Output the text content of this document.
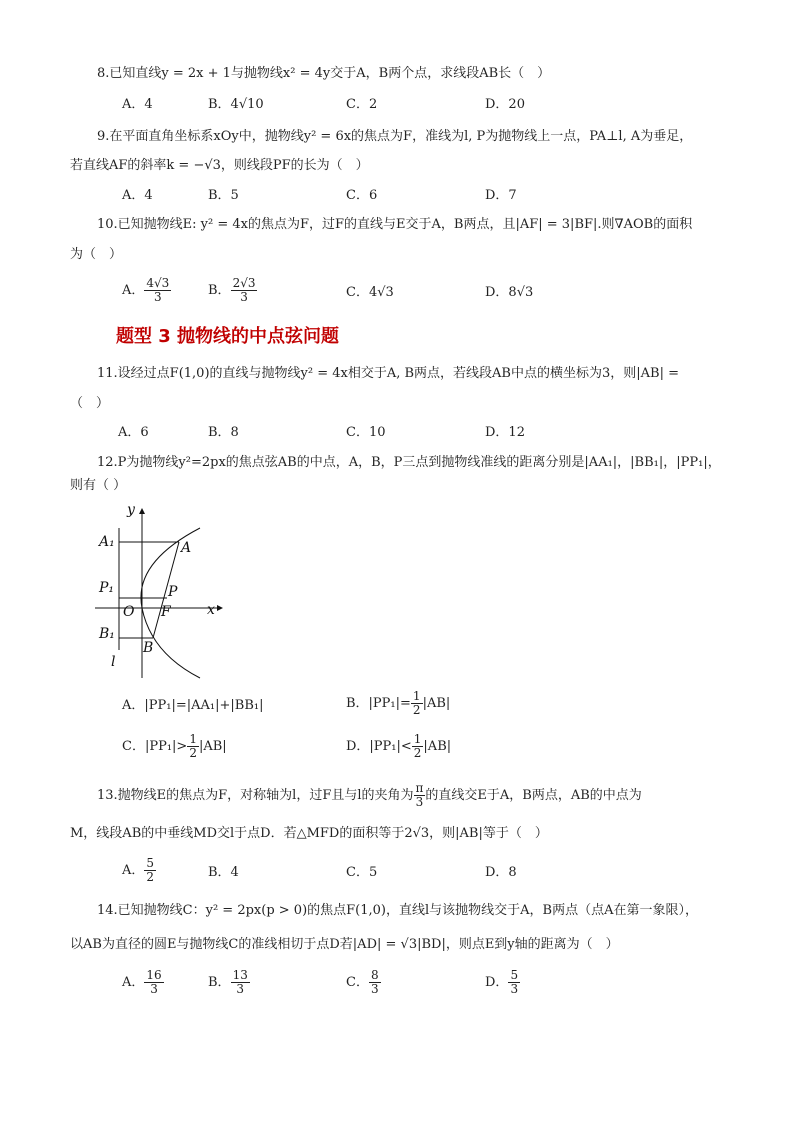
8.已知直线y = 2x + 1与抛物线x² = 4y交于A，B两个点，求线段AB长（　）
A．4	B．4√10	C．2	D．20
9.在平面直角坐标系xOy中，抛物线y² = 6x的焦点为F，准线为l, P为抛物线上一点，PA⊥l, A为垂足，
若直线AF的斜率k = −√3，则线段PF的长为（　）
A．4	B．5	C．6	D．7
10.已知抛物线E: y² = 4x的焦点为F，过F的直线与E交于A，B两点，且|AF| = 3|BF|.则∇AOB的面积
为（　）
A． $\frac{4√3}{3}$	B． $\frac{2√3}{3}$	C．4√3	D．8√3
题型 3 抛物线的中点弦问题
11.设经过点F(1,0)的直线与抛物线y² = 4x相交于A, B两点，若线段AB中点的横坐标为3，则|AB| =
（　）
A．6	B．8	C．10	D．12
12.P为抛物线y²=2px的焦点弦AB的中点，A，B，P三点到抛物线准线的距离分别是|AA₁|，|BB₁|，|PP₁|，
则有（ ）
y
A₁	A
P₁	P
O F	x
B₁
B
l
A．|PP₁|=|AA₁|+|BB₁|	B．$|PP_1|= \frac{1}{2} |AB|$
C．$|PP_1|> \frac{1}{2} |AB|$	D．$|PP_1|< \frac{1}{2} |AB|$
13.抛物线E的焦点为F，对称轴为l，过F且与l的夹角为 $\frac{\pi}{3}$ 的直线交E于A，B两点，AB的中点为
M，线段AB的中垂线MD交l于点D．若△MFD的面积等于2√3，则|AB|等于（　）
A． $\frac{5}{2}$	B．4	C．5	D．8
14.已知抛物线C：y² = 2px(p > 0)的焦点F(1,0)，直线l与该抛物线交于A，B两点（点A在第一象限），
以AB为直径的圆E与抛物线C的准线相切于点D若|AD| = √3|BD|，则点E到y轴的距离为（　）
A． $\frac{16}{3}$	B． $\frac{13}{3}$	C． $\frac{8}{3}$	D． $\frac{5}{3}$
